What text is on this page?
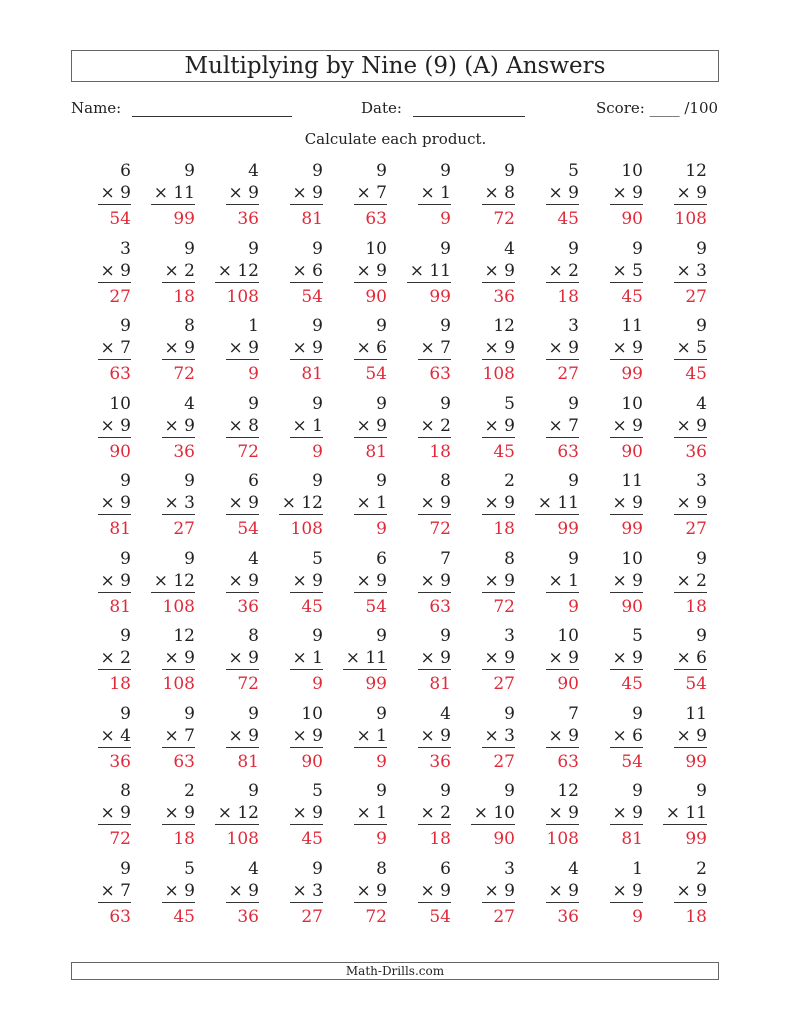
Multiplying by Nine (9) (A) Answers
Name:	Date:	Score: ____ /100
Calculate each product.
6
× 9
54
9
× 11
99
4
× 9
36
9
× 9
81
9
× 7
63
9
× 1
9
9
× 8
72
5
× 9
45
10
× 9
90
12
× 9
108
3
× 9
27
9
× 2
18
9
× 12
108
9
× 6
54
10
× 9
90
9
× 11
99
4
× 9
36
9
× 2
18
9
× 5
45
9
× 3
27
9
× 7
63
8
× 9
72
1
× 9
9
9
× 9
81
9
× 6
54
9
× 7
63
12
× 9
108
3
× 9
27
11
× 9
99
9
× 5
45
10
× 9
90
4
× 9
36
9
× 8
72
9
× 1
9
9
× 9
81
9
× 2
18
5
× 9
45
9
× 7
63
10
× 9
90
4
× 9
36
9
× 9
81
9
× 3
27
6
× 9
54
9
× 12
108
9
× 1
9
8
× 9
72
2
× 9
18
9
× 11
99
11
× 9
99
3
× 9
27
9
× 9
81
9
× 12
108
4
× 9
36
5
× 9
45
6
× 9
54
7
× 9
63
8
× 9
72
9
× 1
9
10
× 9
90
9
× 2
18
9
× 2
18
12
× 9
108
8
× 9
72
9
× 1
9
9
× 11
99
9
× 9
81
3
× 9
27
10
× 9
90
5
× 9
45
9
× 6
54
9
× 4
36
9
× 7
63
9
× 9
81
10
× 9
90
9
× 1
9
4
× 9
36
9
× 3
27
7
× 9
63
9
× 6
54
11
× 9
99
8
× 9
72
2
× 9
18
9
× 12
108
5
× 9
45
9
× 1
9
9
× 2
18
9
× 10
90
12
× 9
108
9
× 9
81
9
× 11
99
9
× 7
63
5
× 9
45
4
× 9
36
9
× 3
27
8
× 9
72
6
× 9
54
3
× 9
27
4
× 9
36
1
× 9
9
2
× 9
18
Math-Drills.com
